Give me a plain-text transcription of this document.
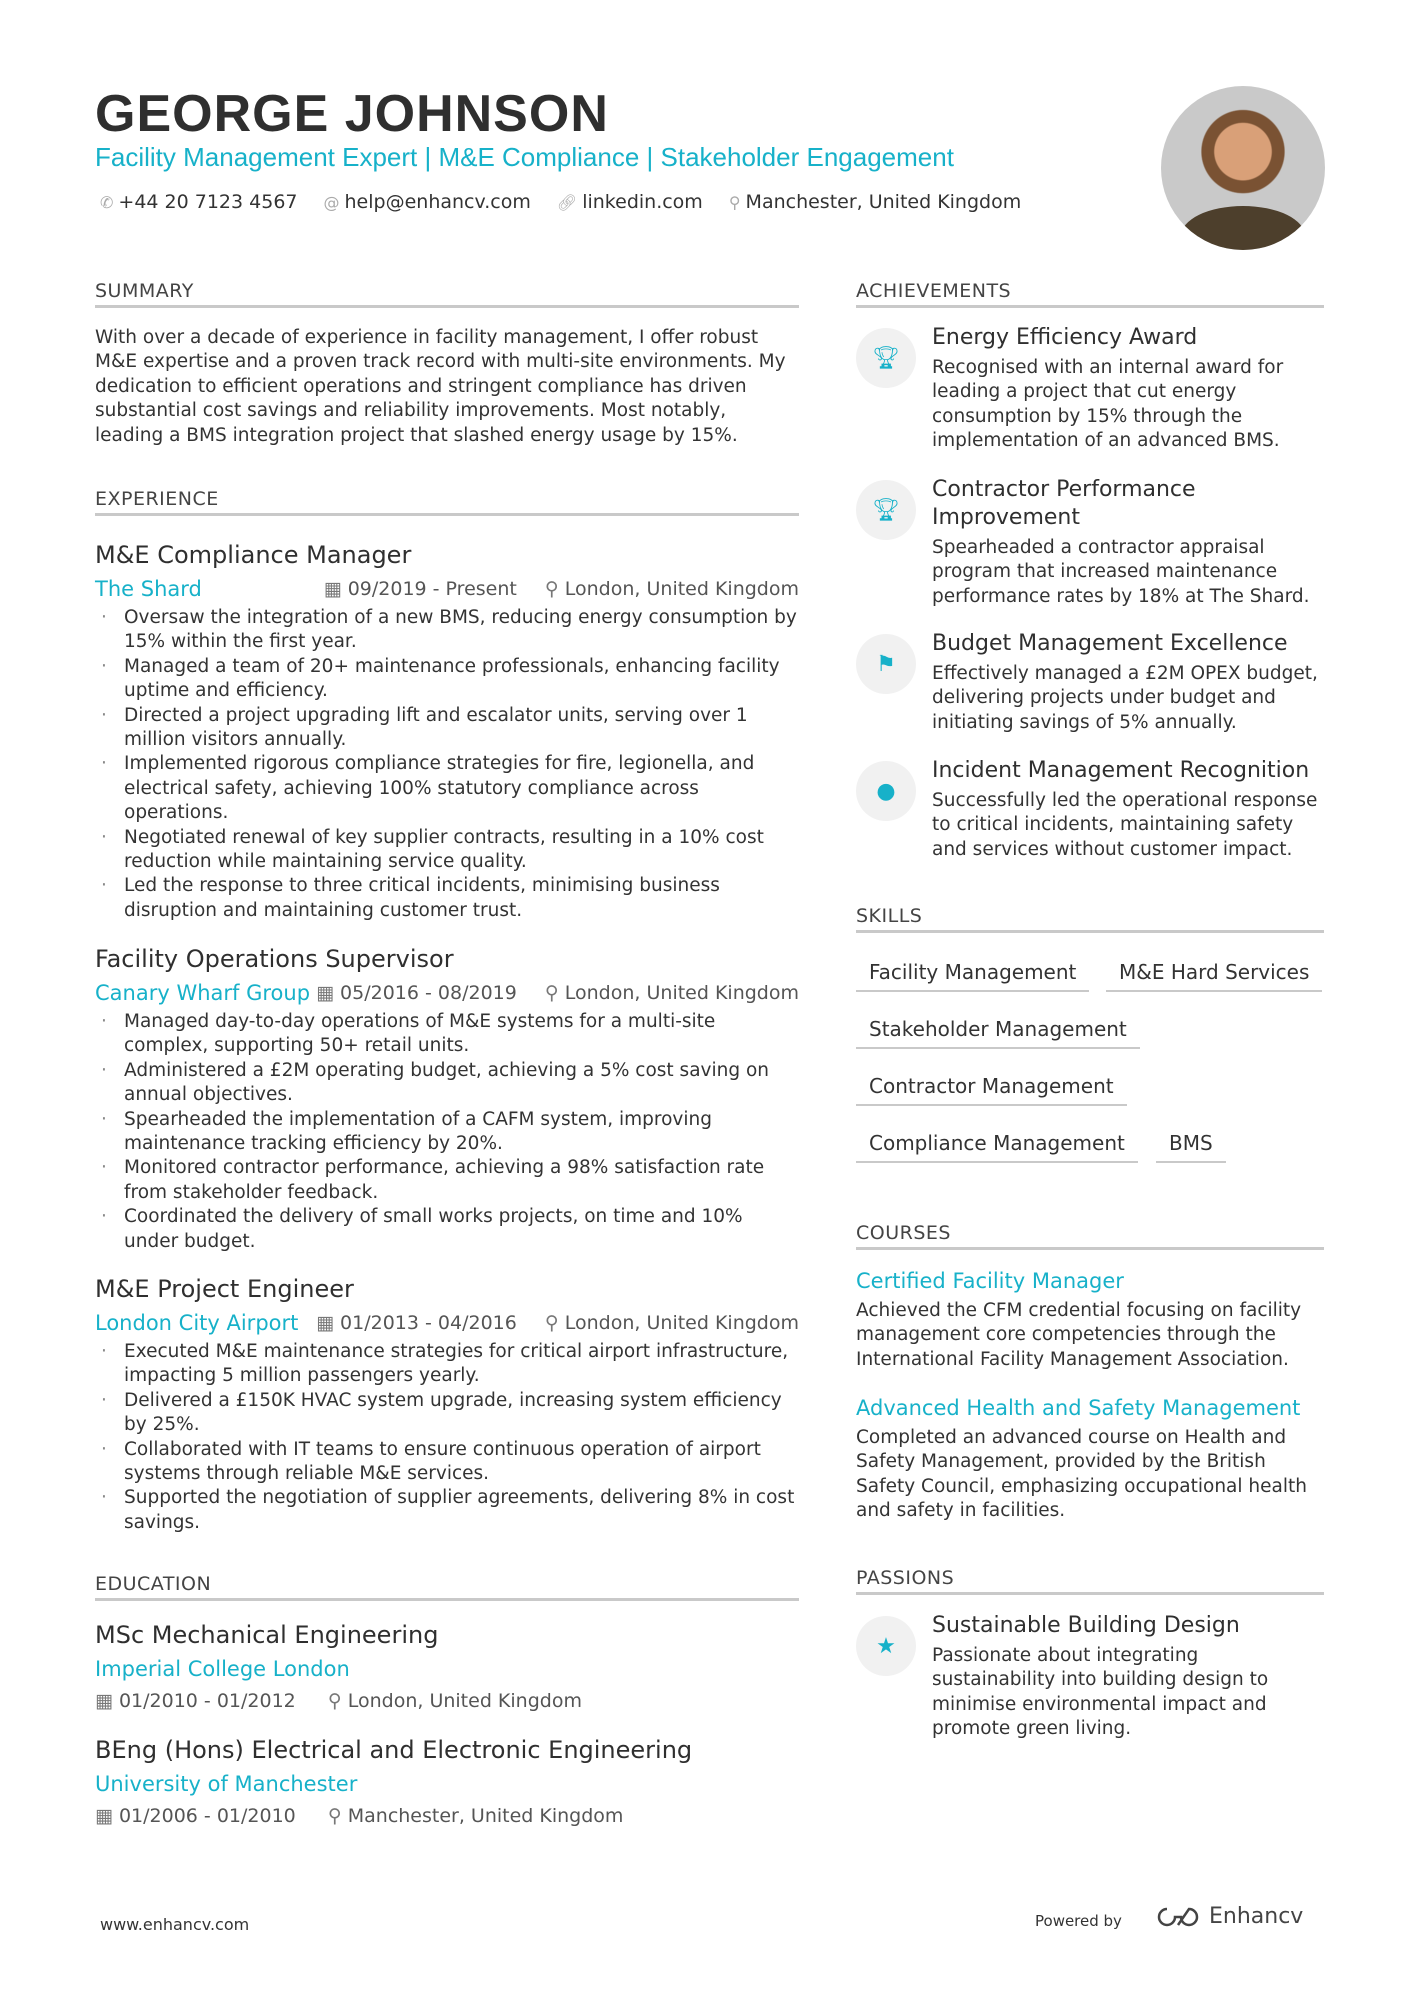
GEORGE JOHNSON
Facility Management Expert | M&E Compliance | Stakeholder Engagement
✆ +44 20 7123 4567 @ help@enhancv.com 🔗︎ linkedin.com ⚲ Manchester, United Kingdom
SUMMARY
With over a decade of experience in facility management, I offer robust M&E expertise and a proven track record with multi-site environments. My dedication to efficient operations and stringent compliance has driven substantial cost savings and reliability improvements. Most notably, leading a BMS integration project that slashed energy usage by 15%.
EXPERIENCE
M&E Compliance Manager
The Shard	▦ 09/2019 - Present ⚲ London, United Kingdom
· Oversaw the integration of a new BMS, reducing energy consumption by 15% within the first year.
· Managed a team of 20+ maintenance professionals, enhancing facility uptime and efficiency.
· Directed a project upgrading lift and escalator units, serving over 1 million visitors annually.
· Implemented rigorous compliance strategies for fire, legionella, and electrical safety, achieving 100% statutory compliance across operations.
· Negotiated renewal of key supplier contracts, resulting in a 10% cost reduction while maintaining service quality.
· Led the response to three critical incidents, minimising business disruption and maintaining customer trust.
Facility Operations Supervisor
Canary Wharf Group ▦ 05/2016 - 08/2019 ⚲ London, United Kingdom
· Managed day-to-day operations of M&E systems for a multi-site complex, supporting 50+ retail units.
· Administered a £2M operating budget, achieving a 5% cost saving on annual objectives.
· Spearheaded the implementation of a CAFM system, improving maintenance tracking efficiency by 20%.
· Monitored contractor performance, achieving a 98% satisfaction rate from stakeholder feedback.
· Coordinated the delivery of small works projects, on time and 10% under budget.
M&E Project Engineer
London City Airport ▦ 01/2013 - 04/2016 ⚲ London, United Kingdom
· Executed M&E maintenance strategies for critical airport infrastructure, impacting 5 million passengers yearly.
· Delivered a £150K HVAC system upgrade, increasing system efficiency by 25%.
· Collaborated with IT teams to ensure continuous operation of airport systems through reliable M&E services.
· Supported the negotiation of supplier agreements, delivering 8% in cost savings.
EDUCATION
MSc Mechanical Engineering
Imperial College London
▦ 01/2010 - 01/2012 ⚲ London, United Kingdom
BEng (Hons) Electrical and Electronic Engineering
University of Manchester
▦ 01/2006 - 01/2010 ⚲ Manchester, United Kingdom
ACHIEVEMENTS
🏆︎
Energy Efficiency Award
Recognised with an internal award for leading a project that cut energy consumption by 15% through the implementation of an advanced BMS.
🏆︎
Contractor Performance Improvement
Spearheaded a contractor appraisal program that increased maintenance performance rates by 18% at The Shard.
⚑
Budget Management Excellence
Effectively managed a £2M OPEX budget, delivering projects under budget and initiating savings of 5% annually.
●
Incident Management Recognition
Successfully led the operational response to critical incidents, maintaining safety and services without customer impact.
SKILLS
Facility Management	M&E Hard Services
Stakeholder Management
Contractor Management
Compliance Management	BMS
COURSES
Certified Facility Manager
Achieved the CFM credential focusing on facility management core competencies through the International Facility Management Association.
Advanced Health and Safety Management
Completed an advanced course on Health and Safety Management, provided by the British Safety Council, emphasizing occupational health and safety in facilities.
PASSIONS
★
Sustainable Building Design
Passionate about integrating sustainability into building design to minimise environmental impact and promote green living.
www.enhancv.com	Powered by	Enhancv
